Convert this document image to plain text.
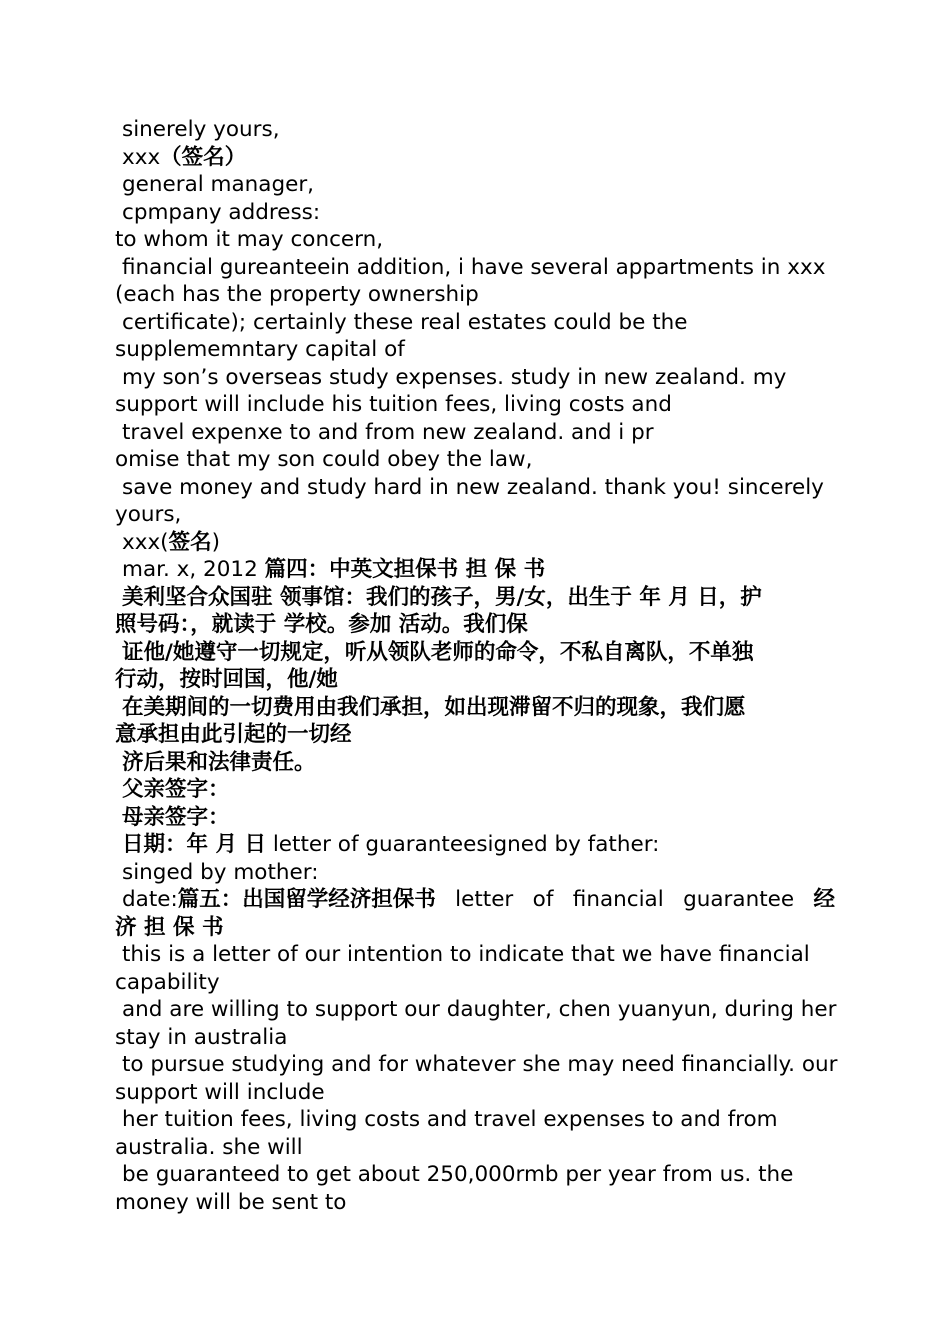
sinerely yours,
xxx（签名）
general manager,
cpmpany address:
to whom it may concern,
financial gureanteein addition, i have several appartments in xxx
(each has the property ownership
certificate); certainly these real estates could be the
supplememntary capital of
my son’s overseas study expenses. study in new zealand. my
support will include his tuition fees, living costs and
travel expenxe to and from new zealand. and i pr
omise that my son could obey the law,
save money and study hard in new zealand. thank you! sincerely
yours,
xxx(签名)
mar. x, 2012 篇四：中英文担保书 担 保 书
美利坚合众国驻 领事馆：我们的孩子，男/女，出生于 年 月 日，护
照号码：，就读于 学校。参加 活动。我们保
证他/她遵守一切规定，听从领队老师的命令，不私自离队，不单独
行动，按时回国，他/她
在美期间的一切费用由我们承担，如出现滞留不归的现象，我们愿
意承担由此引起的一切经
济后果和法律责任。
父亲签字：
母亲签字：
日期：年 月 日 letter of guaranteesigned by father:
singed by mother:
date:篇五：出国留学经济担保书 letter of financial guarantee 经
济 担 保 书
this is a letter of our intention to indicate that we have financial
capability
and are willing to support our daughter, chen yuanyun, during her
stay in australia
to pursue studying and for whatever she may need financially. our
support will include
her tuition fees, living costs and travel expenses to and from
australia. she will
be guaranteed to get about 250,000rmb per year from us. the
money will be sent to
